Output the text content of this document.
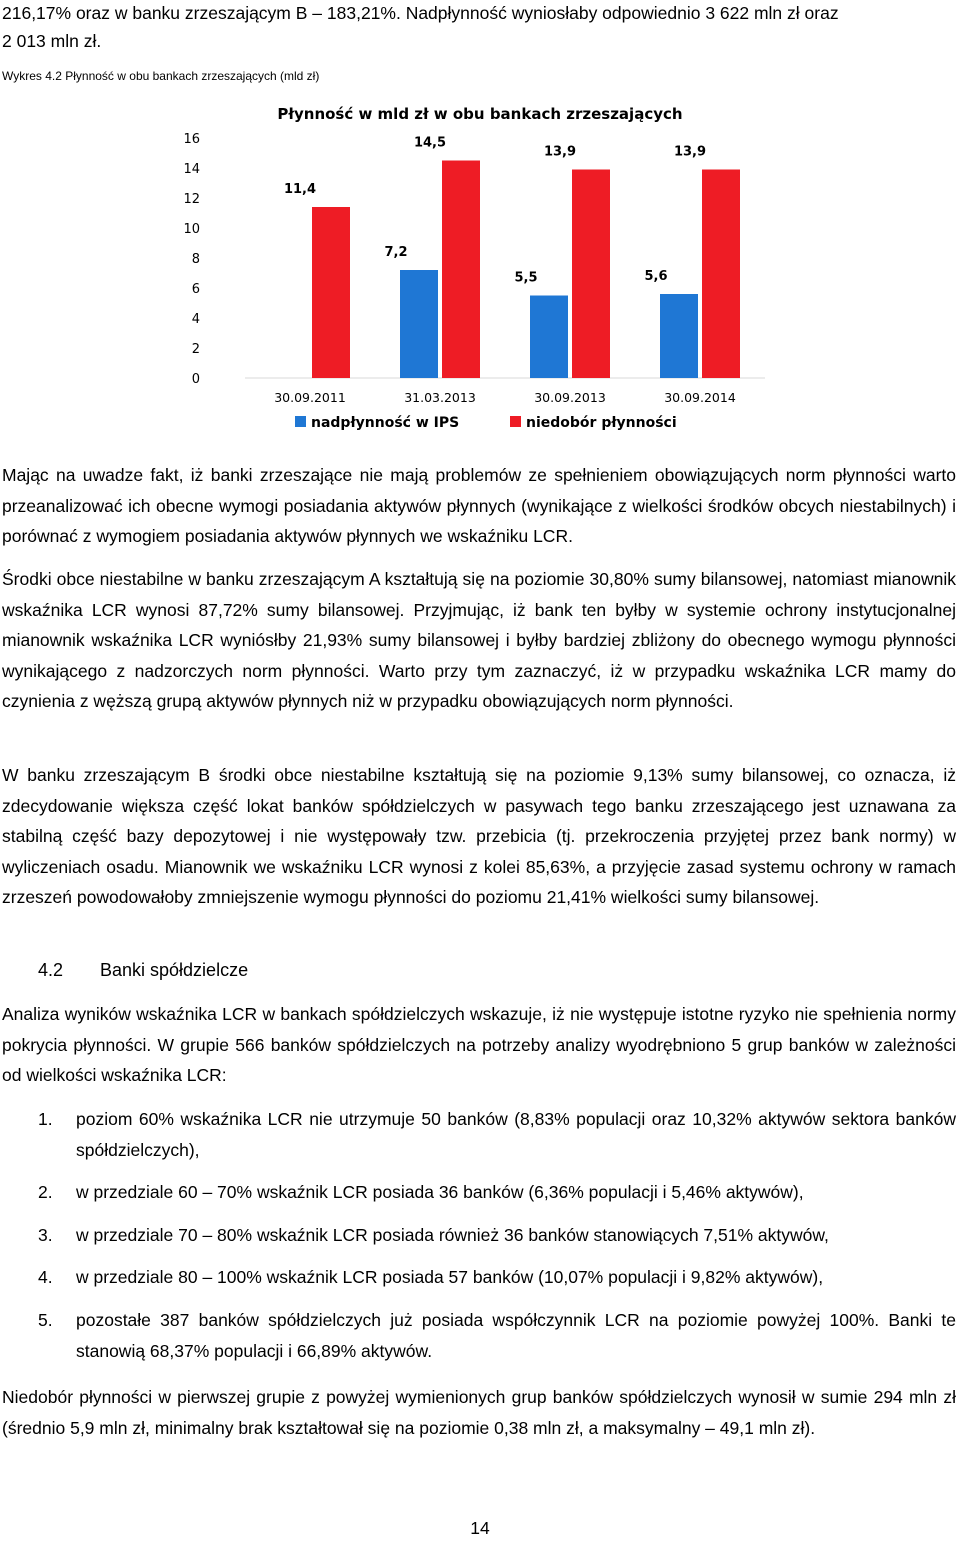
216,17% oraz w banku zrzeszającym B – 183,21%. Nadpłynność wyniosłaby odpowiednio 3 622 mln zł oraz

2 013 mln zł.

Wykres 4.2 Płynność w obu bankach zrzeszających (mld zł)

Płynność w mld zł w obu bankach zrzeszających
0
2
4
6
8
10
12
14
16
11,4
7,2
14,5
5,5
13,9
5,6
13,9
30.09.2011	31.03.2013	30.09.2013	30.09.2014
nadpłynność w IPS	niedobór płynności

Mając na uwadze fakt, iż banki zrzeszające nie mają problemów ze spełnieniem obowiązujących norm płynności warto przeanalizować ich obecne wymogi posiadania aktywów płynnych (wynikające z wielkości środków obcych niestabilnych) i porównać z wymogiem posiadania aktywów płynnych we wskaźniku LCR.

Środki obce niestabilne w banku zrzeszającym A kształtują się na poziomie 30,80% sumy bilansowej, natomiast mianownik wskaźnika LCR wynosi 87,72% sumy bilansowej. Przyjmując, iż bank ten byłby w systemie ochrony instytucjonalnej mianownik wskaźnika LCR wyniósłby 21,93% sumy bilansowej i byłby bardziej zbliżony do obecnego wymogu płynności wynikającego z nadzorczych norm płynności. Warto przy tym zaznaczyć, iż w przypadku wskaźnika LCR mamy do czynienia z węższą grupą aktywów płynnych niż w przypadku obowiązujących norm płynności.

W banku zrzeszającym B środki obce niestabilne kształtują się na poziomie 9,13% sumy bilansowej, co oznacza, iż zdecydowanie większa część lokat banków spółdzielczych w pasywach tego banku zrzeszającego jest uznawana za stabilną część bazy depozytowej i nie występowały tzw. przebicia (tj. przekroczenia przyjętej przez bank normy) w wyliczeniach osadu. Mianownik we wskaźniku LCR wynosi z kolei 85,63%, a przyjęcie zasad systemu ochrony w ramach zrzeszeń powodowałoby zmniejszenie wymogu płynności do poziomu 21,41% wielkości sumy bilansowej.

4.2 Banki spółdzielcze

Analiza wyników wskaźnika LCR w bankach spółdzielczych wskazuje, iż nie występuje istotne ryzyko nie spełnienia normy pokrycia płynności. W grupie 566 banków spółdzielczych na potrzeby analizy wyodrębniono 5 grup banków w zależności od wielkości wskaźnika LCR:

1. poziom 60% wskaźnika LCR nie utrzymuje 50 banków (8,83% populacji oraz 10,32% aktywów sektora banków spółdzielczych),
2. w przedziale 60 – 70% wskaźnik LCR posiada 36 banków (6,36% populacji i 5,46% aktywów),
3. w przedziale 70 – 80% wskaźnik LCR posiada również 36 banków stanowiących 7,51% aktywów,
4. w przedziale 80 – 100% wskaźnik LCR posiada 57 banków (10,07% populacji i 9,82% aktywów),
5. pozostałe 387 banków spółdzielczych już posiada współczynnik LCR na poziomie powyżej 100%. Banki te stanowią 68,37% populacji i 66,89% aktywów.

Niedobór płynności w pierwszej grupie z powyżej wymienionych grup banków spółdzielczych wynosił w sumie 294 mln zł (średnio 5,9 mln zł, minimalny brak kształtował się na poziomie 0,38 mln zł, a maksymalny – 49,1 mln zł).

14
